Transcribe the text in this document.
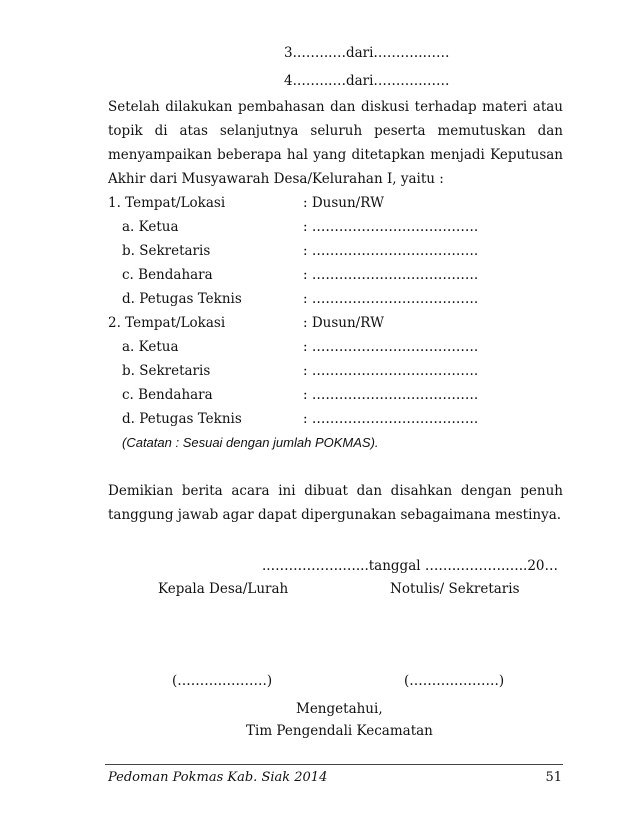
3.……..…dari…….….……
4.……..…dari…….….……
Setelah dilakukan pembahasan dan diskusi terhadap materi atau
topik di atas selanjutnya seluruh peserta memutuskan dan
menyampaikan beberapa hal yang ditetapkan menjadi Keputusan
Akhir dari Musyawarah Desa/Kelurahan I, yaitu :
1. Tempat/Lokasi	: Dusun/RW
a. Ketua	: ……………………………….
b. Sekretaris	: ……………………………….
c. Bendahara	: ……………………………….
d. Petugas Teknis	: ……………………………….
2. Tempat/Lokasi	: Dusun/RW
a. Ketua	: ……………………………….
b. Sekretaris	: ……………………………….
c. Bendahara	: ……………………………….
d. Petugas Teknis	: ……………………………….
(Catatan : Sesuai dengan jumlah POKMAS).
Demikian berita acara ini dibuat dan disahkan dengan penuh
tanggung jawab agar dapat dipergunakan sebagaimana mestinya.
..…………….…...tanggal ……..……….…..20…
Kepala Desa/Lurah	Notulis/ Sekretaris
(……….……….)	(……….……….)
Mengetahui,
Tim Pengendali Kecamatan
Pedoman Pokmas Kab. Siak 2014	51
